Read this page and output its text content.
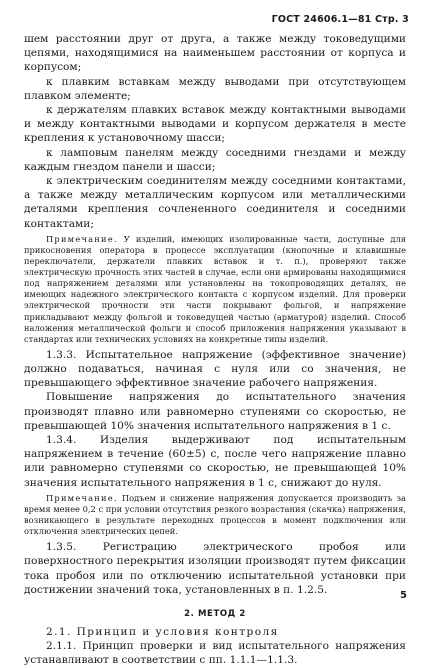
ГОСТ 24606.1—81 Стр. 3

шем расстоянии друг от друга, а также между токоведущими цепями, находящимися на наименьшем расстоянии от корпуса и корпусом;

к плавким вставкам между выводами при отсутствующем плавком элементе;

к держателям плавких вставок между контактными выводами и между контактными выводами и корпусом держателя в месте крепления к установочному шасси;

к ламповым панелям между соседними гнездами и между каждым гнездом панели и шасси;

к электрическим соединителям между соседними контактами, а также между металлическим корпусом или металлическими деталями крепления сочлененного соединителя и соседними контактами;

Примечание. У изделий, имеющих изолированные части, доступные для прикосновения оператора в процессе эксплуатации (кнопочные и клавишные переключатели, держатели плавких вставок и т. п.), проверяют также электрическую прочность этих частей в случае, если они армированы находящимися под напряжением деталями или установлены на токопроводящих деталях, не имеющих надежного электрического контакта с корпусом изделий. Для проверки электрической прочности эти части покрывают фольгой, и напряжение прикладывают между фольгой и токоведущей частью (арматурой) изделий. Способ наложения металлической фольги и способ приложения напряжения указывают в стандартах или технических условиях на конкретные типы изделий.

1.3.3. Испытательное напряжение (эффективное значение) должно подаваться, начиная с нуля или со значения, не превышающего эффективное значение рабочего напряжения.

Повышение напряжения до испытательного значения производят плавно или равномерно ступенями со скоростью, не превышающей 10% значения испытательного напряжения в 1 с.

1.3.4. Изделия выдерживают под испытательным напряжением в течение (60±5) с, после чего напряжение плавно или равномерно ступенями со скоростью, не превышающей 10% значения испытательного напряжения в 1 с, снижают до нуля.

Примечание. Подъем и снижение напряжения допускается производить за время менее 0,2 с при условии отсутствия резкого возрастания (скачка) напряжения, возникающего в результате переходных процессов в момент подключения или отключения электрических цепей.

1.3.5. Регистрацию электрического пробоя или поверхностного перекрытия изоляции производят путем фиксации тока пробоя или по отключению испытательной установки при достижении значений тока, установленных в п. 1.2.5.

2. МЕТОД 2

2.1. Принцип и условия контроля

2.1.1. Принцип проверки и вид испытательного напряжения устанавливают в соответствии с пп. 1.1.1—1.1.3.

5
